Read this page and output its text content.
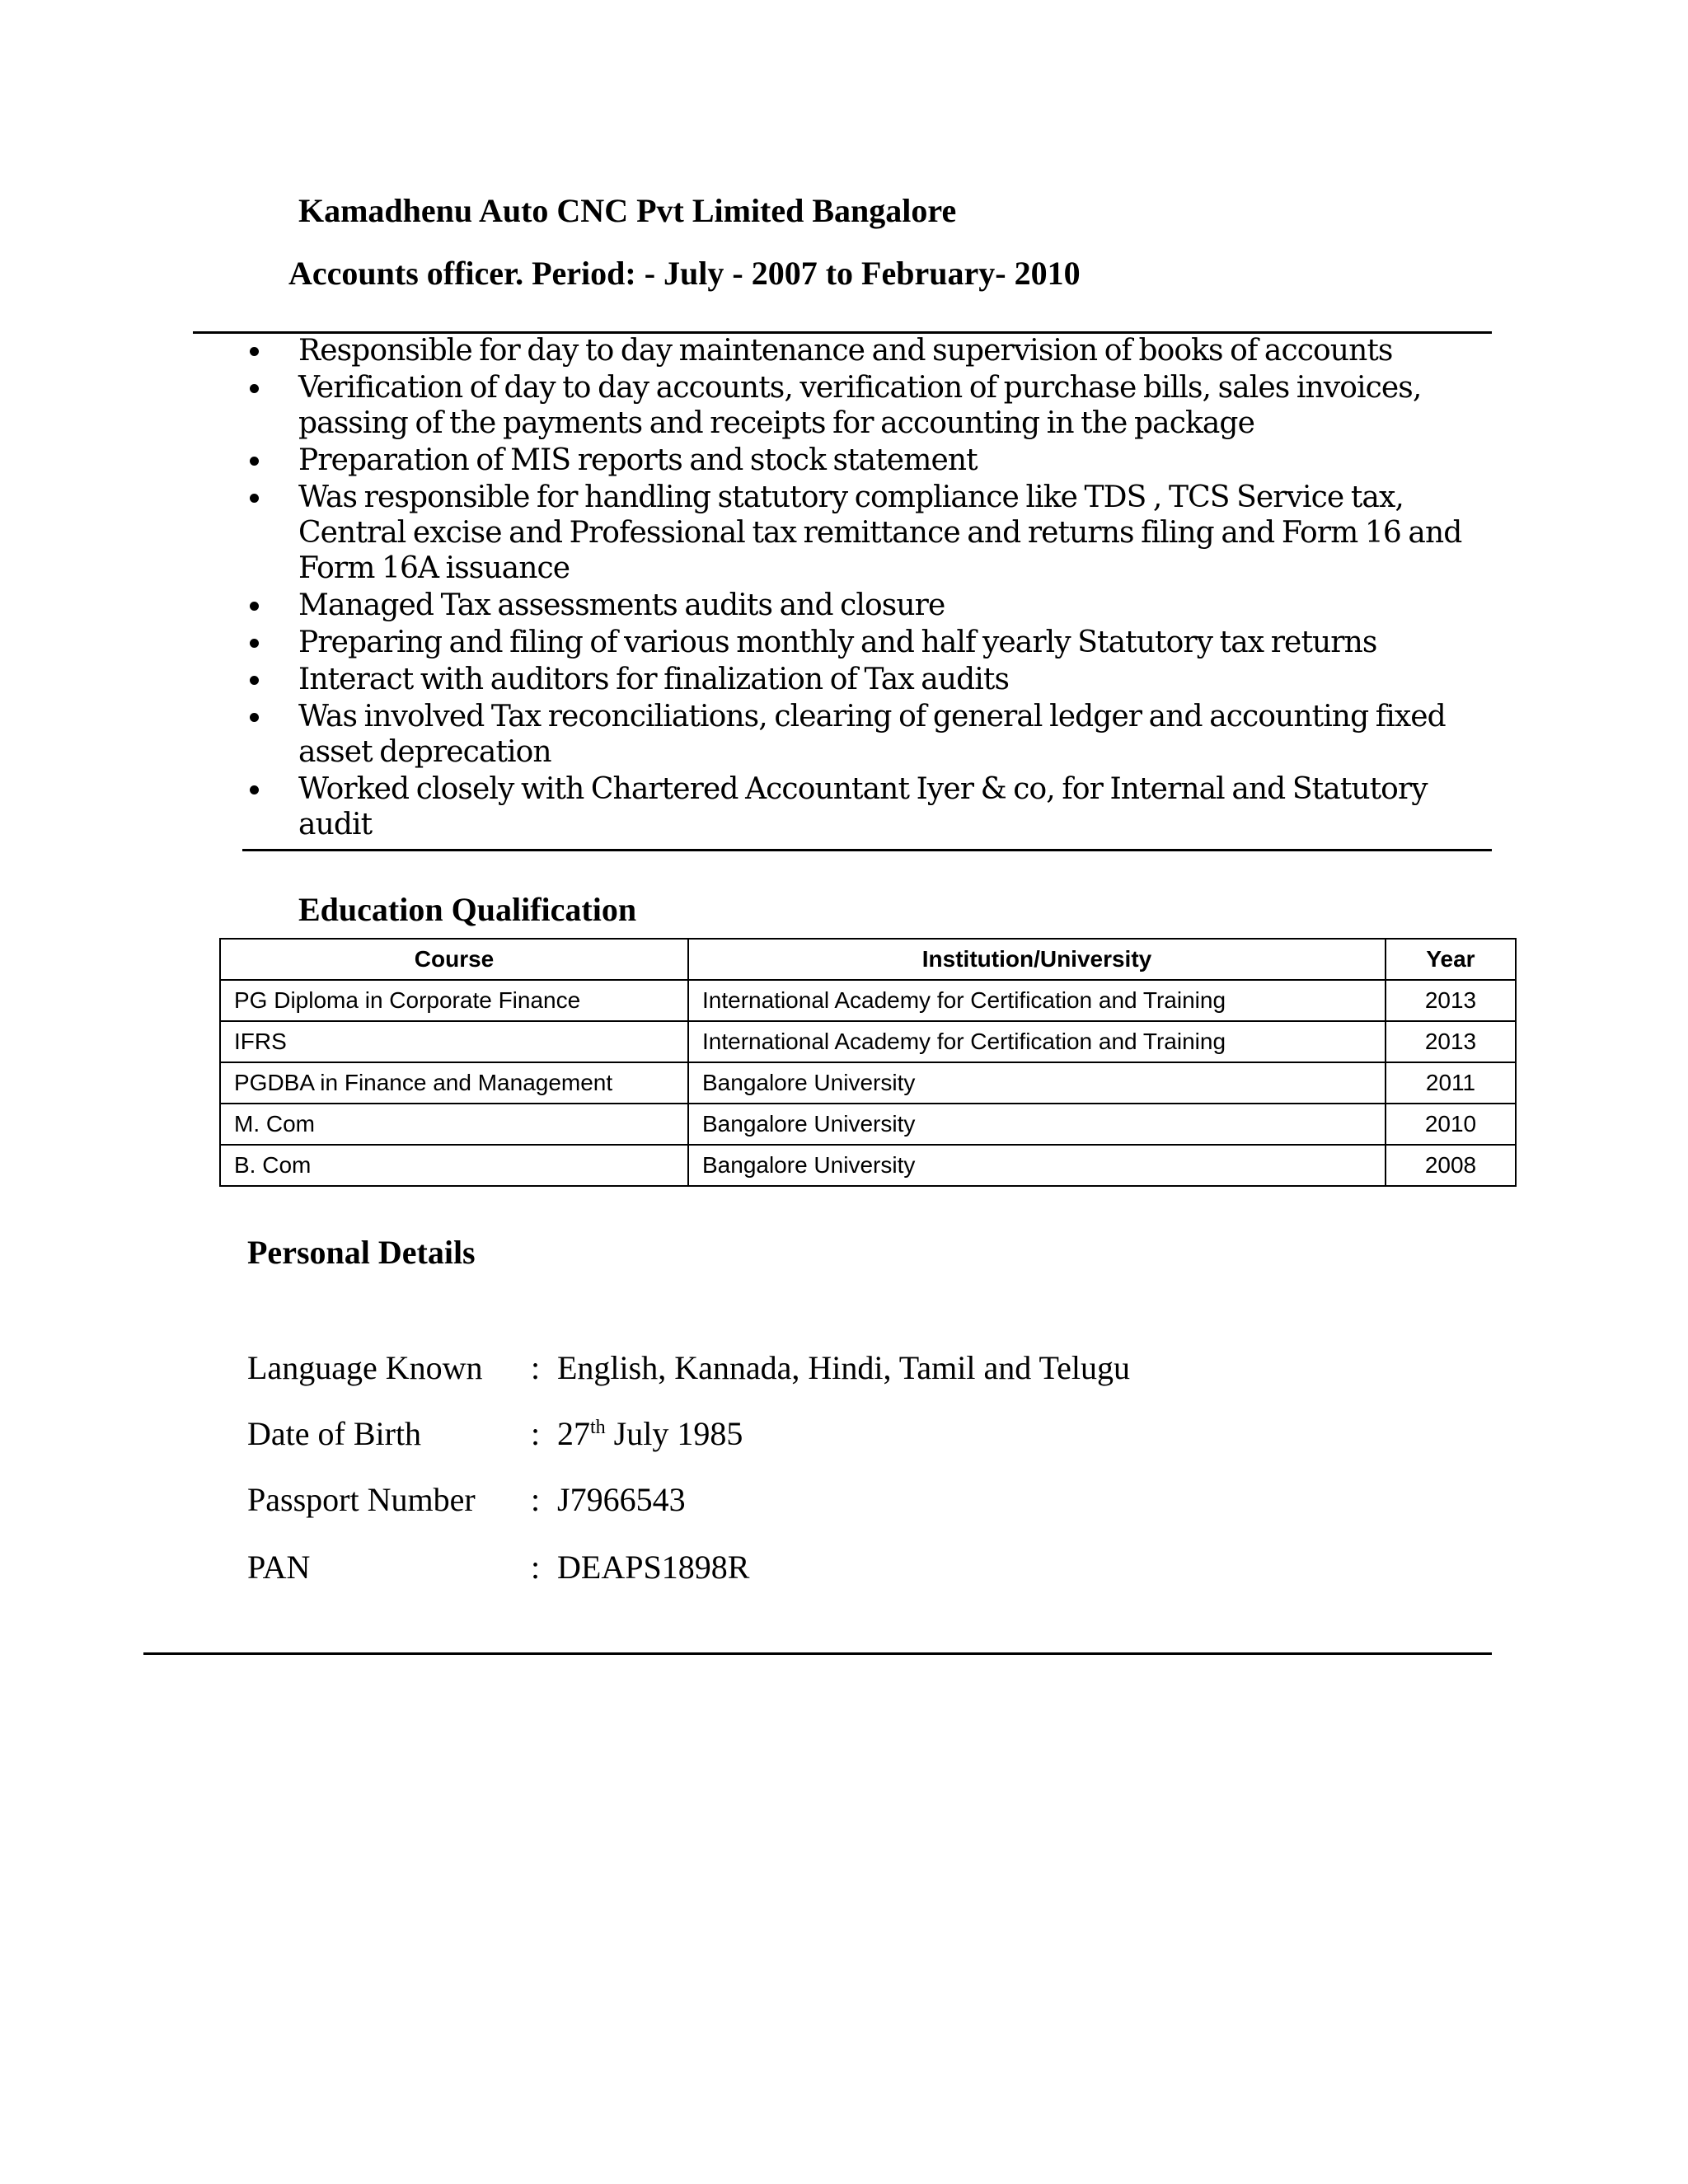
Kamadhenu Auto CNC Pvt Limited Bangalore
Accounts officer. Period: - July - 2007 to February- 2010
Responsible for day to day maintenance and supervision of books of accounts
Verification of day to day accounts, verification of purchase bills, sales invoices, passing of the payments and receipts for accounting in the package
Preparation of MIS reports and stock statement
Was responsible for handling statutory compliance like TDS , TCS Service tax, Central excise and Professional tax remittance and returns filing and Form 16 and Form 16A issuance
Managed Tax assessments audits and closure
Preparing and filing of various monthly and half yearly Statutory tax returns
Interact with auditors for finalization of Tax audits
Was involved Tax reconciliations, clearing of general ledger and accounting fixed asset deprecation
Worked closely with Chartered Accountant Iyer & co, for Internal and Statutory audit
Education Qualification
Course	Institution/University	Year
PG Diploma in Corporate Finance	International Academy for Certification and Training	2013
IFRS	International Academy for Certification and Training	2013
PGDBA in Finance and Management	Bangalore University	2011
M. Com	Bangalore University	2010
B. Com	Bangalore University	2008
Personal Details
Language Known : English, Kannada, Hindi, Tamil and Telugu
Date of Birth	: 27th July 1985
Passport Number : J7966543
PAN	: DEAPS1898R
